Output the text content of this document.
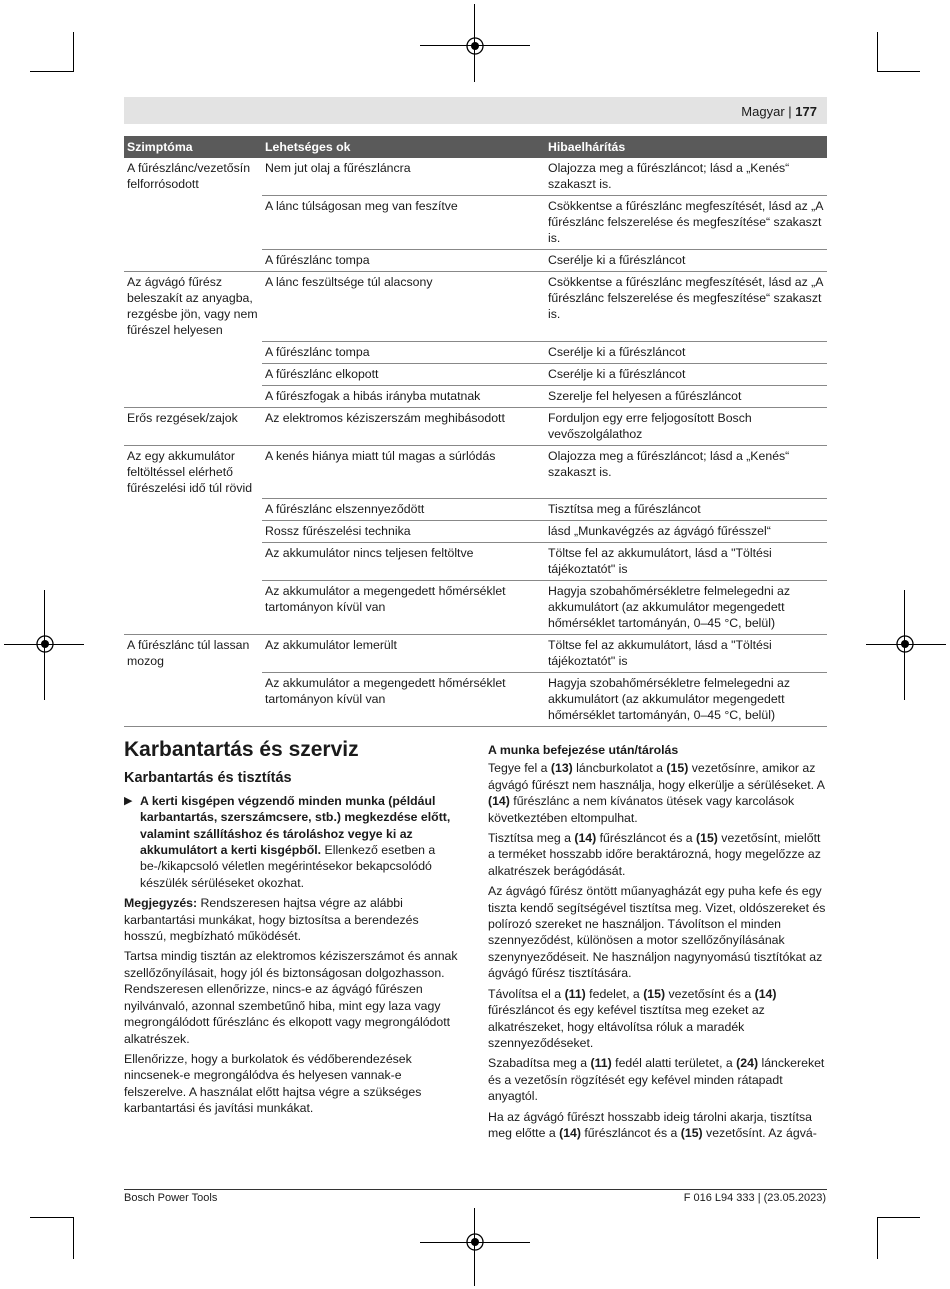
Magyar | 177
Szimptóma	Lehetséges ok	Hibaelhárítás
A fűrészlánc/vezetősín felforrósodott	Nem jut olaj a fűrészláncra	Olajozza meg a fűrészláncot; lásd a „Kenés“ szakaszt is.
	A lánc túlságosan meg van feszítve	Csökkentse a fűrészlánc megfeszítését, lásd az „A fűrészlánc felszerelése és megfeszítése“ szakaszt is.
	A fűrészlánc tompa	Cserélje ki a fűrészláncot
Az ágvágó fűrész beleszakít az anyagba, rezgésbe jön, vagy nem fűrészel helyesen	A lánc feszültsége túl alacsony	Csökkentse a fűrészlánc megfeszítését, lásd az „A fűrészlánc felszerelése és megfeszítése“ szakaszt is.
	A fűrészlánc tompa	Cserélje ki a fűrészláncot
	A fűrészlánc elkopott	Cserélje ki a fűrészláncot
	A fűrészfogak a hibás irányba mutatnak	Szerelje fel helyesen a fűrészláncot
Erős rezgések/zajok	Az elektromos kéziszerszám meghibásodott	Forduljon egy erre feljogosított Bosch vevőszolgálathoz
Az egy akkumulátor feltöltéssel elérhető fűrészelési idő túl rövid	A kenés hiánya miatt túl magas a súrlódás	Olajozza meg a fűrészláncot; lásd a „Kenés“ szakaszt is.
	A fűrészlánc elszennyeződött	Tisztítsa meg a fűrészláncot
	Rossz fűrészelési technika	lásd „Munkavégzés az ágvágó fűrésszel“
	Az akkumulátor nincs teljesen feltöltve	Töltse fel az akkumulátort, lásd a "Töltési tájékoztatót" is
	Az akkumulátor a megengedett hőmérséklet tartományon kívül van	Hagyja szobahőmérsékletre felmelegedni az akkumulátort (az akkumulátor megengedett hőmérséklet tartományán, 0–45 °C, belül)
A fűrészlánc túl lassan mozog	Az akkumulátor lemerült	Töltse fel az akkumulátort, lásd a "Töltési tájékoztatót" is
	Az akkumulátor a megengedett hőmérséklet tartományon kívül van	Hagyja szobahőmérsékletre felmelegedni az akkumulátort (az akkumulátor megengedett hőmérséklet tartományán, 0–45 °C, belül)
Karbantartás és szerviz
Karbantartás és tisztítás

▶ A kerti kisgépen végzendő minden munka (például karbantartás, szerszámcsere, stb.) megkezdése előtt, valamint szállításhoz és tároláshoz vegye ki az akkumulátort a kerti kisgépből. Ellenkező esetben a be-/kikapcsoló véletlen megérintésekor bekapcsolódó készülék sérüléseket okozhat.

Megjegyzés: Rendszeresen hajtsa végre az alábbi karbantartási munkákat, hogy biztosítsa a berendezés hosszú, megbízható működését.

Tartsa mindig tisztán az elektromos kéziszerszámot és annak szellőzőnyílásait, hogy jól és biztonságosan dolgozhasson.

Rendszeresen ellenőrizze, nincs-e az ágvágó fűrészen nyilvánvaló, azonnal szembetűnő hiba, mint egy laza vagy megrongálódott fűrészlánc és elkopott vagy megrongálódott alkatrészek.

Ellenőrizze, hogy a burkolatok és védőberendezések nincsenek-e megrongálódva és helyesen vannak-e felszerelve. A használat előtt hajtsa végre a szükséges karbantartási és javítási munkákat.

A munka befejezése után/tárolás

Tegye fel a (13) láncburkolatot a (15) vezetősínre, amikor az ágvágó fűrészt nem használja, hogy elkerülje a sérüléseket. A (14) fűrészlánc a nem kívánatos ütések vagy karcolások következtében eltompulhat.

Tisztítsa meg a (14) fűrészláncot és a (15) vezetősínt, mielőtt a terméket hosszabb időre beraktározná, hogy megelőzze az alkatrészek berágódását.

Az ágvágó fűrész öntött műanyagházát egy puha kefe és egy tiszta kendő segítségével tisztítsa meg. Vizet, oldószereket és polírozó szereket ne használjon. Távolítson el minden szennyeződést, különösen a motor szellőzőnyílásának szenynyeződéseit. Ne használjon nagynyomású tisztítókat az ágvágó fűrész tisztítására.

Távolítsa el a (11) fedelet, a (15) vezetősínt és a (14) fűrészláncot és egy kefével tisztítsa meg ezeket az alkatrészeket, hogy eltávolítsa róluk a maradék szennyeződéseket.

Szabadítsa meg a (11) fedél alatti területet, a (24) lánckereket és a vezetősín rögzítését egy kefével minden rátapadt anyagtól.

Ha az ágvágó fűrészt hosszabb ideig tárolni akarja, tisztítsa meg előtte a (14) fűrészláncot és a (15) vezetősínt. Az ágvá-

Bosch Power Tools	F 016 L94 333 | (23.05.2023)
